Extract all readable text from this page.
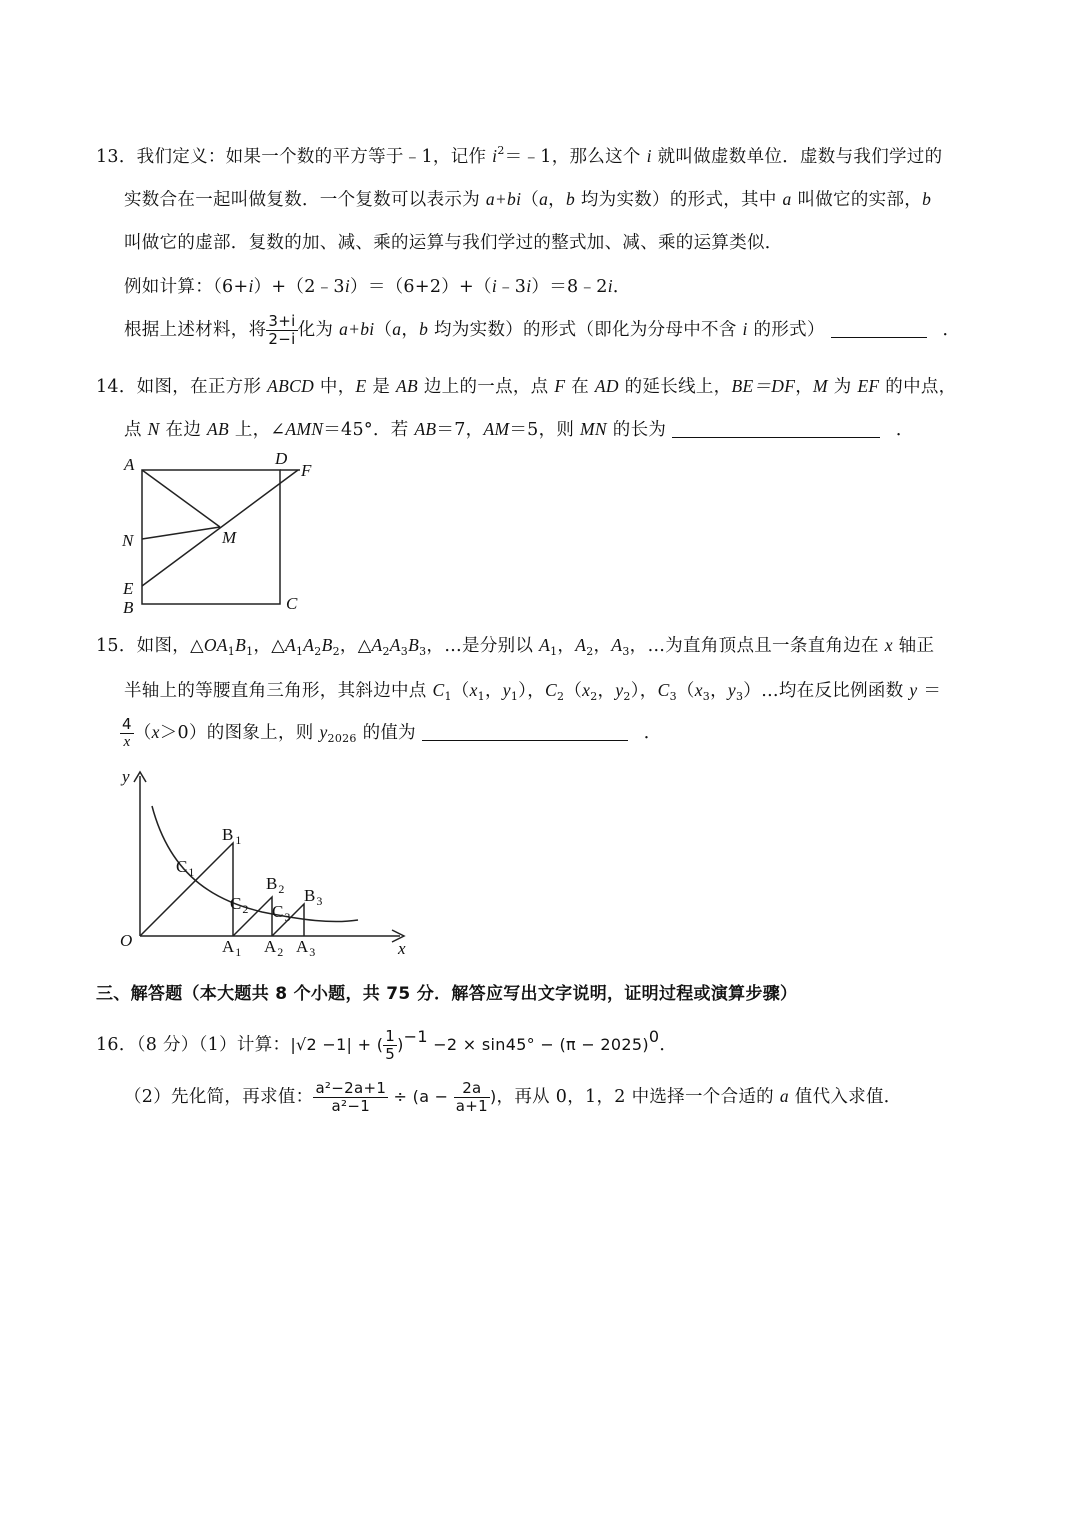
13．我们定义：如果一个数的平方等于﹣1，记作 $i^2=﹣1$，那么这个 i 就叫做虚数单位．虚数与我们学过的
实数合在一起叫做复数．一个复数可以表示为 a+bi（a，b 均为实数）的形式，其中 a 叫做它的实部，b
叫做它的虚部．复数的加、减、乘的运算与我们学过的整式加、减、乘的运算类似．
例如计算：（6+i）+（2﹣3i）＝（6+2）+（i﹣3i）＝8﹣2i．
根据上述材料，将 $\frac{3+i}{2-i}$ 化为 a+bi（a，b 均为实数）的形式（即化为分母中不含 i 的形式）	．
14．如图，在正方形 ABCD 中，E 是 AB 边上的一点，点 F 在 AD 的延长线上，BE＝DF，M 为 EF 的中点，
点 N 在边 AB 上，∠AMN＝45°．若 AB＝7，AM＝5，则 MN 的长为	．
A	D
F
N	M
E
B	C
15．如图，$\triangle OA_1B_1$，$\triangle A_1A_2B_2$，$\triangle A_2A_3B_3$，…是分别以 $A_1$，$A_2$，$A_3$，…为直角顶点且一条直角边在 x 轴正
半轴上的等腰直角三角形，其斜边中点 $C_1(x_1$，$y_1$），$C_2(x_2$，$y_2$），$C_3(x_3$，$y_3)\dots$均在反比例函数 y ＝
$\frac{4}{x} (x>0)$的图象上，则 $y_{2026}$ 的值为	．
y
x
O
B $_1$
$B_2$ $B_3$
$C_1$
$C_2$ $C_3$
$A_1$ $A_2$ $A_3$
三、解答题（本大题共 8 个小题，共 75 分．解答应写出文字说明，证明过程或演算步骤）
16．（8 分）（1）计算：|√2 −1| + ( $\frac{1}{5} )-1 -2 \times \sin 45^\circ - (\pi - 2025)0$．
（2）先化简，再求值： $\frac{\text{a²−2a+1}}{\text{a²−1}} \div (a - \frac{2a}{a+1}$ )，再从 0，1，2 中选择一个合适的 a 值代入求值．
